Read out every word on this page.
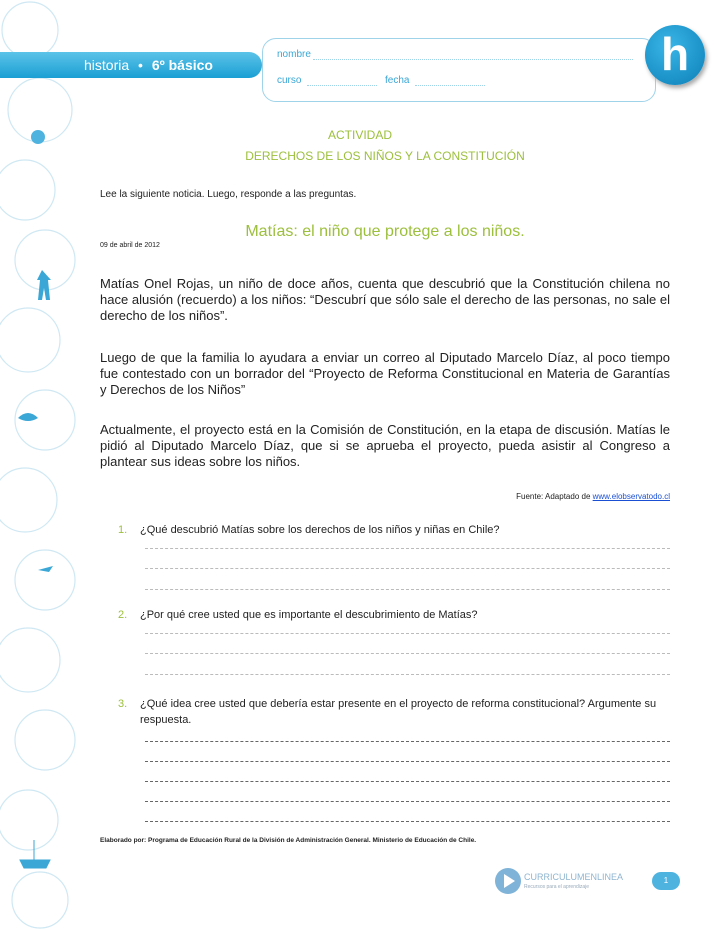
historia • 6º básico
nombre
curso	fecha
h
ACTIVIDAD
DERECHOS DE LOS NIÑOS Y LA CONSTITUCIÓN
Lee la siguiente noticia. Luego, responde a las preguntas.
Matías: el niño que protege a los niños.
09 de abril de 2012
Matías Onel Rojas, un niño de doce años, cuenta que descubrió que la Constitución chilena no hace alusión (recuerdo) a los niños: “Descubrí que sólo sale el derecho de las personas, no sale el derecho de los niños”.
Luego de que la familia lo ayudara a enviar un correo al Diputado Marcelo Díaz, al poco tiempo fue contestado con un borrador del “Proyecto de Reforma Constitucional en Materia de Garantías y Derechos de los Niños”
Actualmente, el proyecto está en la Comisión de Constitución, en la etapa de discusión. Matías le pidió al Diputado Marcelo Díaz, que si se aprueba el proyecto, pueda asistir al Congreso a plantear sus ideas sobre los niños.
Fuente: Adaptado de www.elobservatodo.cl
1. ¿Qué descubrió Matías sobre los derechos de los niños y niñas en Chile?
2. ¿Por qué cree usted que es importante el descubrimiento de Matías?
3. ¿Qué idea cree usted que debería estar presente en el proyecto de reforma constitucional? Argumente su respuesta.
Elaborado por: Programa de Educación Rural de la División de Administración General. Ministerio de Educación de Chile.
CURRICULUMENLINEA
Recursos para el aprendizaje
1
